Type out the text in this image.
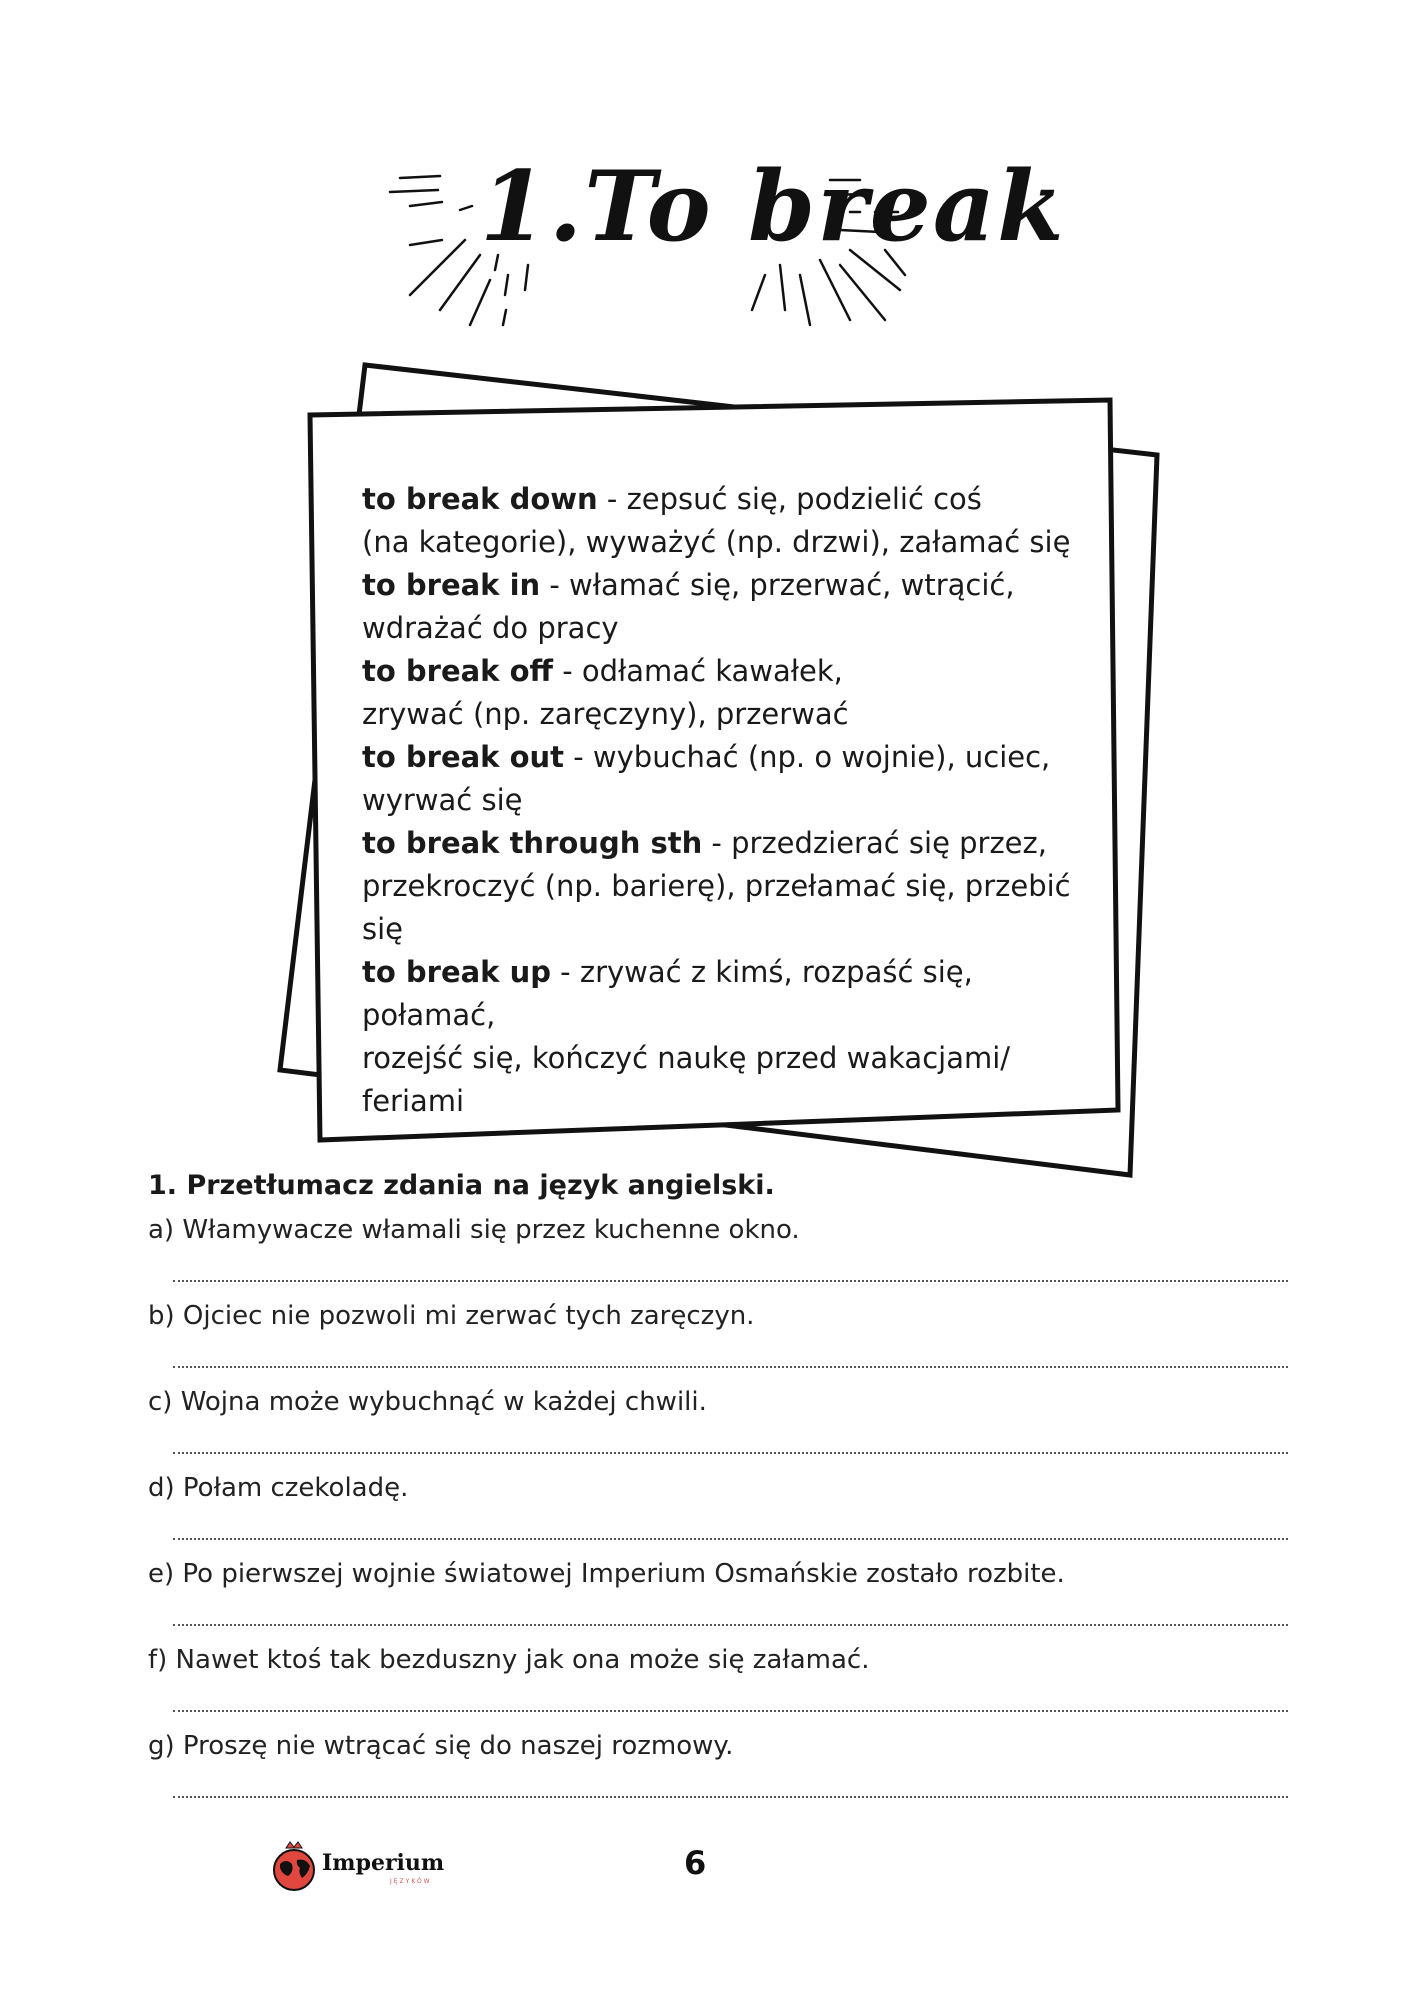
1.To break

to break down - zepsuć się, podzielić coś

(na kategorie), wyważyć (np. drzwi), załamać się

to break in - włamać się, przerwać, wtrącić,

wdrażać do pracy

to break off - odłamać kawałek,

zrywać (np. zaręczyny), przerwać

to break out - wybuchać (np. o wojnie), uciec,

wyrwać się

to break through sth - przedzierać się przez,

przekroczyć (np. barierę), przełamać się, przebić się

to break up - zrywać z kimś, rozpaść się, połamać,

rozejść się, kończyć naukę przed wakacjami/ feriami

1. Przetłumacz zdania na język angielski.

a) Włamywacze włamali się przez kuchenne okno.
b) Ojciec nie pozwoli mi zerwać tych zaręczyn.
c) Wojna może wybuchnąć w każdej chwili.
d) Połam czekoladę.
e) Po pierwszej wojnie światowej Imperium Osmańskie zostało rozbite.
f) Nawet ktoś tak bezduszny jak ona może się załamać.
g) Proszę nie wtrącać się do naszej rozmowy.
Imperium
JĘZYKÓW	6
